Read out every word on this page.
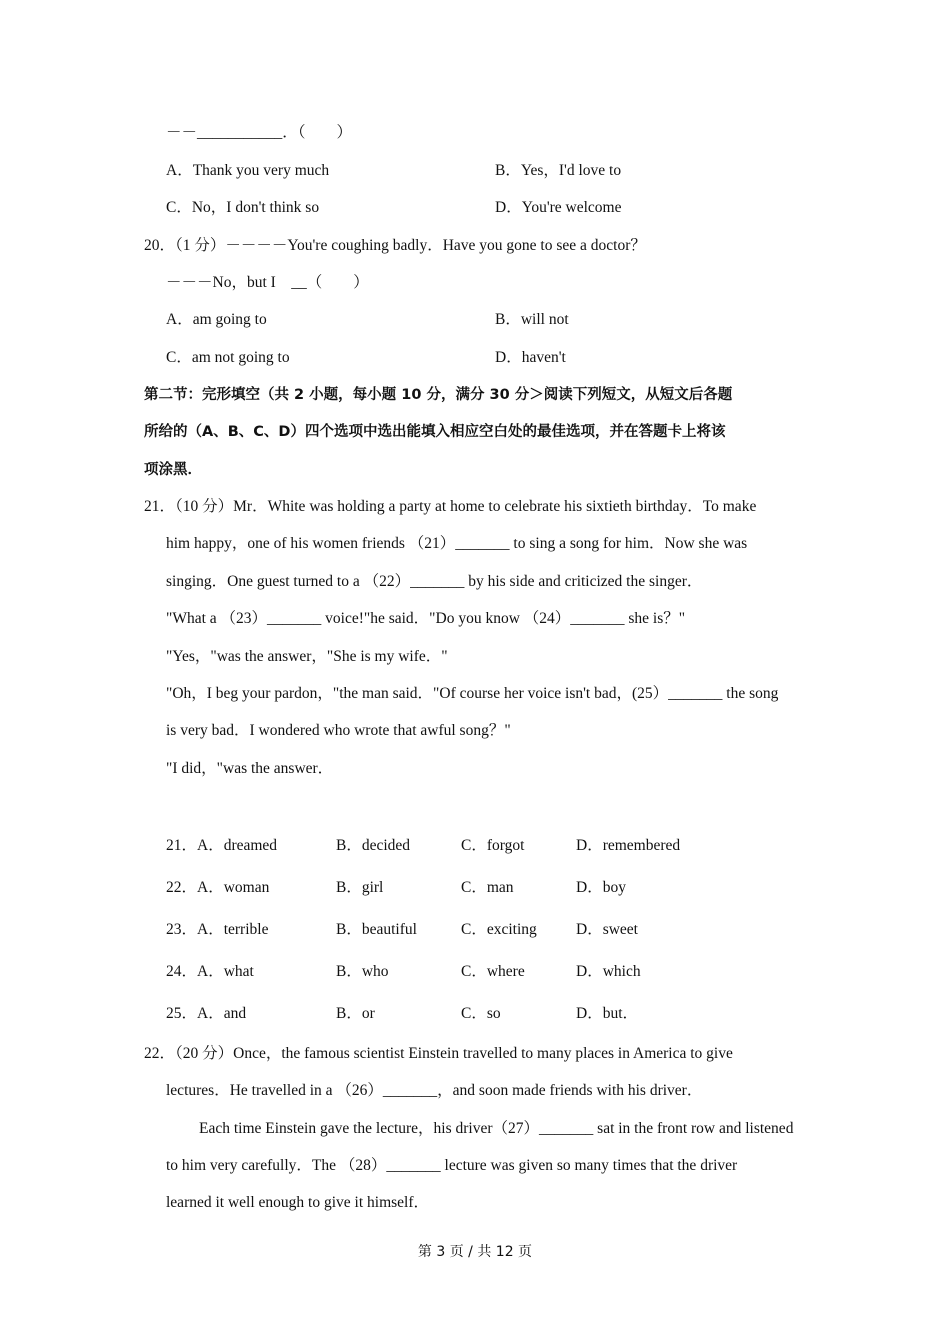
－－___________．（　　）
A．Thank you very much	B．Yes，I'd love to
C．No，I don't think so	D．You're welcome
20．（1 分）－－－－You're coughing badly．Have you gone to see a doctor？
－－－No，but I　__（　　）
A．am going to	B．will not
C．am not going to	D．haven't
第二节：完形填空（共 2 小题，每小题 10 分，满分 30 分＞阅读下列短文，从短文后各题
所给的（A、B、C、D）四个选项中选出能填入相应空白处的最佳选项，并在答题卡上将该
项涂黑．
21．（10 分）Mr．White was holding a party at home to celebrate his sixtieth birthday．To make
him happy，one of his women friends （21）_______ to sing a song for him．Now she was
singing．One guest turned to a （22）_______ by his side and criticized the singer．
"What a （23）_______ voice!"he said．"Do you know （24）_______ she is？"
"Yes，"was the answer，"She is my wife．"
"Oh，I beg your pardon，"the man said．"Of course her voice isn't bad，(25）_______ the song
is very bad．I wondered who wrote that awful song？"
"I did，"was the answer．
21．A．dreamed	B．decided	C．forgot	D．remembered
22．A．woman	B．girl	C．man	D．boy
23．A．terrible	B．beautiful	C．exciting	D．sweet
24．A．what	B．who	C．where	D．which
25．A．and	B．or	C．so	D．but．
22．（20 分）Once，the famous scientist Einstein travelled to many places in America to give
lectures．He travelled in a （26）_______，and soon made friends with his driver．
Each time Einstein gave the lecture，his driver（27）_______ sat in the front row and listened
to him very carefully．The （28）_______ lecture was given so many times that the driver
learned it well enough to give it himself．
第 3 页 / 共 12 页
